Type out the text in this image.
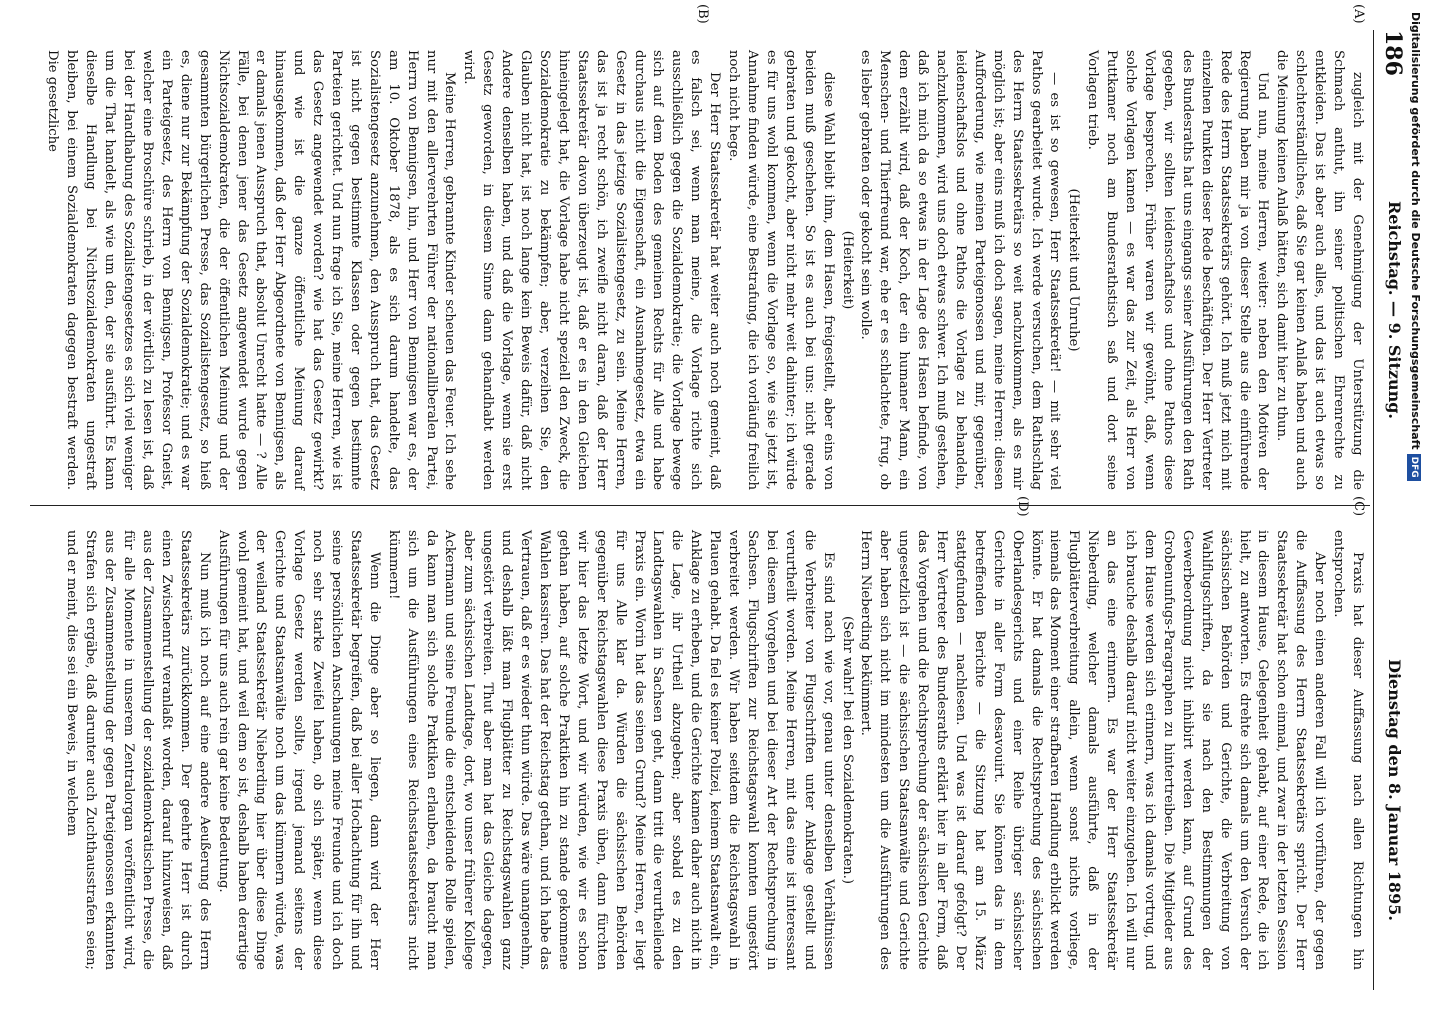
186
Reichstag. — 9. Sitzung.
Dienstag den 8. Januar 1895.
(A)
(B)
(C)
(D)

zugleich mit der Genehmigung der Unterstützung die Schmach anthut, ihn seiner politischen Ehrenrechte zu entkleiden. Das ist aber auch alles, und das ist auch etwas so schlechterständliches, daß Sie gar keinen Anlaß haben und auch die Meinung keinen Anlaß hätten, sich damit hier zu thun.

Und nun, meine Herren, weiter: neben den Motiven der Regierung haben mir ja von dieser Stelle aus die einführende Rede des Herrn Staatssekretärs gehört. Ich muß jetzt mich mit einzelnen Punkten dieser Rede beschäftigen. Der Herr Vertreter des Bundesraths hat uns eingangs seiner Ausführungen den Rath gegeben, wir sollten leidenschaftslos und ohne Pathos diese Vorlage besprechen. Früher waren wir gewöhnt, daß, wenn solche Vorlagen kamen — es war das zur Zeit, als Herr von Puttkamer noch am Bundesrathstisch saß und dort seine Vorlagen trieb.

(Heiterkeit und Unruhe)

— es ist so gewesen, Herr Staatssekretär! — mit sehr viel Pathos gearbeitet wurde. Ich werde versuchen, dem Rathschlag des Herrn Staatssekretärs so weit nachzukommen, als es mir möglich ist; aber eins muß ich doch sagen, meine Herren: diesen Aufforderung, wie meinen Parteigenossen und mir, gegenüber, leidenschaftslos und ohne Pathos die Vorlage zu behandeln, nachzukommen, wird uns doch etwas schwer. Ich muß gestehen, daß ich mich da so etwas in der Lage des Hasen befinde, von dem erzählt wird, daß der Koch, der ein humaner Mann, ein Menschen- und Thierfreund war, ehe er es schlachtete, frug, ob es lieber gebraten oder gekocht sein wolle.

(Heiterkeit)

diese Wahl bleibt ihm, dem Hasen, freigestellt, aber eins von beiden muß geschehen. So ist es auch bei uns: nicht gerade gebraten und gekocht, aber nicht mehr weit dahinter; ich würde es für uns wohl kommen, wenn die Vorlage so, wie sie jetzt ist, Annahme finden würde, eine Bestrafung, die ich vorläufig freilich noch nicht hege.

Der Herr Staatssekretär hat weiter auch noch gemeint, daß es falsch sei, wenn man meine, die Vorlage richte sich ausschließlich gegen die Sozialdemokratie; die Vorlage bewege sich auf dem Boden des gemeinen Rechts für Alle und habe durchaus nicht die Eigenschaft, ein Ausnahmegesetz, etwa ein Gesetz in das jetzige Sozialistengesetz, zu sein. Meine Herren, das ist ja recht schön, ich zweifle nicht daran, daß der Herr Staatssekretär davon überzeugt ist, daß er es in den Gleichen hineingelegt hat, die Vorlage habe nicht speziell den Zweck, die Sozialdemokratie zu bekämpfen; aber, verzeihen Sie, den Glauben nicht hat, ist noch lange kein Beweis dafür, daß nicht Andere denselben haben, und daß die Vorlage, wenn sie erst Gesetz geworden, in diesem Sinne dann gehandhabt werden wird.

Meine Herren, gebrannte Kinder scheuen das Feuer. Ich sehe nur mit den allerverehrten Führer der nationalliberalen Partei, Herrn von Bennigsen, hin, und Herr von Bennigsen war es, der am 10. Oktober 1878, als es sich darum handelte, das Sozialistengesetz anzunehmen, den Ausspruch that, das Gesetz ist nicht gegen bestimmte Klassen oder gegen bestimmte Parteien gerichtet. Und nun frage ich Sie, meine Herren, wie ist das Gesetz angewendet worden? wie hat das Gesetz gewirkt? und wie ist die ganze öffentliche Meinung darauf hinausgekommen, daß der Herr Abgeordnete von Bennigsen, als er damals jenen Ausspruch that, absolut Unrecht hatte — ? Alle Fälle, bei denen jener das Gesetz angewendet wurde gegen Nichtsozialdemokraten, die der öffentlichen Meinung und der gesammten bürgerlichen Presse, das Sozialistengesetz, so hieß es, diene nur zur Bekämpfung der Sozialdemokratie; und es war ein Parteigesetz, des Herrn von Bennigsen, Professor Gneist, welcher eine Broschüre schrieb, in der wörtlich zu lesen ist, daß bei der Handhabung des Sozialistengesetzes es sich viel weniger um die That handelt, als wie um den, der sie ausführt. Es kann dieselbe Handlung bei Nichtsozialdemokraten ungestraft bleiben, bei einem Sozialdemokraten dagegen bestraft werden. Die gesetzliche

Praxis hat dieser Auffassung nach allen Richtungen hin entsprochen.

Aber noch einen anderen Fall will ich vorführen, der gegen die Auffassung des Herrn Staatssekretärs spricht. Der Herr Staatssekretär hat schon einmal, und zwar in der letzten Session in diesem Hause, Gelegenheit gehabt, auf einer Rede, die ich hielt, zu antworten. Es drehte sich damals um den Versuch der sächsischen Behörden und Gerichte, die Verbreitung von Wahlflugschriften, da sie nach den Bestimmungen der Gewerbeordnung nicht inhibirt werden kann, auf Grund des Grobenunfugs-Paragraphen zu hintertreiben. Die Mitglieder aus dem Hause werden sich erinnern, was ich damals vortrug, und ich brauche deshalb darauf nicht weiter einzugehen. Ich will nur an das eine erinnern. Es war der Herr Staatssekretär Nieberding, welcher damals ausführte, daß in der Flugblätterverbreitung allein, wenn sonst nichts vorliege, niemals das Moment einer strafbaren Handlung erblickt werden könnte. Er hat damals die Rechtsprechung des sächsischen Oberlandesgerichts und einer Reihe übriger sächsischer Gerichte in aller Form desavouirt. Sie können das in dem betreffenden Berichte — die Sitzung hat am 15. März stattgefunden — nachlesen. Und was ist darauf gefolgt? Der Herr Vertreter des Bundesraths erklärt hier in aller Form, daß das Vorgehen und die Rechtsprechung der sächsischen Gerichte ungesetzlich ist — die sächsischen Staatsanwälte und Gerichte aber haben sich nicht im mindesten um die Ausführungen des Herrn Nieberding bekümmert.

(Sehr wahr! bei den Sozialdemokraten.)

Es sind nach wie vor, genau unter denselben Verhältnissen die Verbreiter von Flugschriften unter Anklage gestellt und verurtheilt worden. Meine Herren, mit das eine ist interessant bei diesem Vorgehen und bei dieser Art der Rechtsprechung in Sachsen. Flugschriften zur Reichstagswahl konnten ungestört verbreitet werden. Wir haben seitdem die Reichstagswahl in Plauen gehabt. Da fiel es keiner Polizei, keinem Staatsanwalt ein, Anklage zu erheben, und die Gerichte kamen daher auch nicht in die Lage, ihr Urtheil abzugeben; aber sobald es zu den Landtagswahlen in Sachsen geht, dann tritt die verurtheilende Praxis ein. Worin hat das seinen Grund? Meine Herren, er liegt für uns Alle klar da. Würden die sächsischen Behörden gegenüber Reichstagswahlen diese Praxis üben, dann fürchten wir hier das letzte Wort, und wir würden, wie wir es schon gethan haben, auf solche Praktiken hin zu stande gekommene Wahlen kassiren. Das hat der Reichstag gethan, und ich habe das Vertrauen, daß er es wieder thun würde. Das wäre unangenehm, und deshalb läßt man Flugblätter zu Reichstagswahlen ganz ungestört verbreiten. Thut aber man hat das Gleiche dagegen, aber zum sächsischen Landtage, dort, wo unser früherer Kollege Ackermann und seine Freunde die entscheidende Rolle spielen, da kann man sich solche Praktiken erlauben, da braucht man sich um die Ausführungen eines Reichsstaatssekretärs nicht kümmern!

Wenn die Dinge aber so liegen, dann wird der Herr Staatssekretär begreifen, daß bei aller Hochachtung für ihn und seine persönlichen Anschauungen meine Freunde und ich doch noch sehr starke Zweifel haben, ob sich später, wenn diese Vorlage Gesetz werden sollte, irgend jemand seitens der Gerichte und Staatsanwälte noch um das kümmern würde, was der weiland Staatssekretär Nieberding hier über diese Dinge wohl gemeint hat, und weil dem so ist, deshalb haben derartige Ausführungen für uns auch rein gar keine Bedeutung.

Nun muß ich noch auf eine andere Aeußerung des Herrn Staatssekretärs zurückkommen. Der geehrte Herr ist durch einen Zwischenruf veranlaßt worden, darauf hinzuweisen, daß aus der Zusammenstellung der sozialdemokratischen Presse, die für alle Momente in unserem Zentralorgan veröffentlicht wird, aus der Zusammenstellung der gegen Parteigenossen erkannten Strafen sich ergäbe, daß darunter auch Zuchthausstrafen seien; und er meint, dies sei ein Beweis, in welchem

Digitalisierung gefördert durch die Deutsche ForschungsgemeinschaftDFG
